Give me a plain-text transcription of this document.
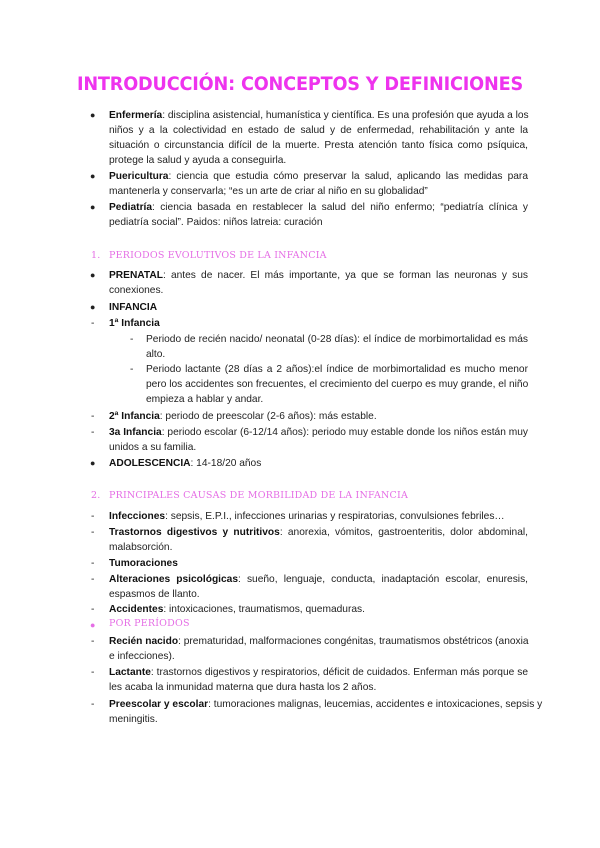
INTRODUCCIÓN: CONCEPTOS Y DEFINICIONES
● Enfermería: disciplina asistencial, humanística y científica. Es una profesión que ayuda a los
niños y a la colectividad en estado de salud y de enfermedad, rehabilitación y ante la
situación o circunstancia difícil de la muerte. Presta atención tanto física como psíquica,
protege la salud y ayuda a conseguirla.
● Puericultura: ciencia que estudia cómo preservar la salud, aplicando las medidas para
mantenerla y conservarla; “es un arte de criar al niño en su globalidad”
● Pediatría: ciencia basada en restablecer la salud del niño enfermo; “pediatría clínica y
pediatría social”. Paidos: niños latreia: curación
1. PERIODOS EVOLUTIVOS DE LA INFANCIA
● PRENATAL: antes de nacer. El más importante, ya que se forman las neuronas y sus
conexiones.
● INFANCIA
- 1ª Infancia
- Periodo de recién nacido/ neonatal (0-28 días): el índice de morbimortalidad es más
alto.
- Periodo lactante (28 días a 2 años):el índice de morbimortalidad es mucho menor
pero los accidentes son frecuentes, el crecimiento del cuerpo es muy grande, el niño
empieza a hablar y andar.
- 2ª Infancia: periodo de preescolar (2-6 años): más estable.
- 3a Infancia: periodo escolar (6-12/14 años): periodo muy estable donde los niños están muy
unidos a su familia.
● ADOLESCENCIA: 14-18/20 años
2. PRINCIPALES CAUSAS DE MORBILIDAD DE LA INFANCIA
- Infecciones: sepsis, E.P.I., infecciones urinarias y respiratorias, convulsiones febriles…
- Trastornos digestivos y nutritivos: anorexia, vómitos, gastroenteritis, dolor abdominal,
malabsorción.
- Tumoraciones
- Alteraciones psicológicas: sueño, lenguaje, conducta, inadaptación escolar, enuresis,
espasmos de llanto.
- Accidentes: intoxicaciones, traumatismos, quemaduras.
● POR PERÍODOS
- Recién nacido: prematuridad, malformaciones congénitas, traumatismos obstétricos (anoxia
e infecciones).
- Lactante: trastornos digestivos y respiratorios, déficit de cuidados. Enferman más porque se
les acaba la inmunidad materna que dura hasta los 2 años.
- Preescolar y escolar: tumoraciones malignas, leucemias, accidentes e intoxicaciones, sepsis y
meningitis.
